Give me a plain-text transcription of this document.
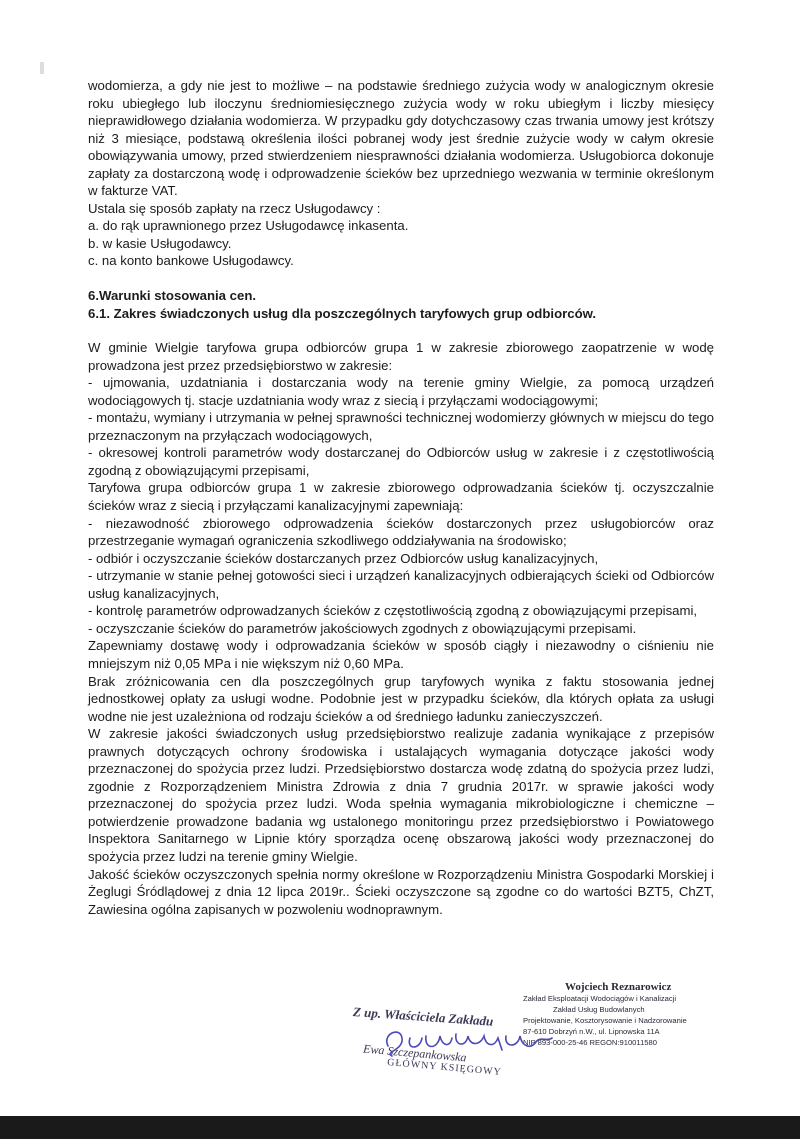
wodomierza, a gdy nie jest to możliwe – na podstawie średniego zużycia wody w analogicznym okresie roku ubiegłego lub iloczynu średniomiesięcznego zużycia wody w roku ubiegłym i liczby miesięcy nieprawidłowego działania wodomierza. W przypadku gdy dotychczasowy czas trwania umowy jest krótszy niż 3 miesiące, podstawą określenia ilości pobranej wody jest średnie zużycie wody w całym okresie obowiązywania umowy, przed stwierdzeniem niesprawności działania wodomierza. Usługobiorca dokonuje zapłaty za dostarczoną wodę i odprowadzenie ścieków bez uprzedniego wezwania w terminie określonym w fakturze VAT.

Ustala się sposób zapłaty na rzecz Usługodawcy :

a. do rąk uprawnionego przez Usługodawcę inkasenta.

b. w kasie Usługodawcy.

c. na konto bankowe Usługodawcy.

6.Warunki stosowania cen.

6.1. Zakres świadczonych usług dla poszczególnych taryfowych grup odbiorców.

W gminie Wielgie taryfowa grupa odbiorców grupa 1 w zakresie zbiorowego zaopatrzenie w wodę prowadzona jest przez przedsiębiorstwo w zakresie:

- ujmowania, uzdatniania i dostarczania wody na terenie gminy Wielgie, za pomocą urządzeń wodociągowych tj. stacje uzdatniania wody wraz z siecią i przyłączami wodociągowymi;

- montażu, wymiany i utrzymania w pełnej sprawności technicznej wodomierzy głównych w miejscu do tego przeznaczonym na przyłączach wodociągowych,

- okresowej kontroli parametrów wody dostarczanej do Odbiorców usług w zakresie i z częstotliwością zgodną z obowiązującymi przepisami,

Taryfowa grupa odbiorców grupa 1 w zakresie zbiorowego odprowadzania ścieków tj. oczyszczalnie ścieków wraz z siecią i przyłączami kanalizacyjnymi zapewniają:

- niezawodność zbiorowego odprowadzenia ścieków dostarczonych przez usługobiorców oraz przestrzeganie wymagań ograniczenia szkodliwego oddziaływania na środowisko;

- odbiór i oczyszczanie ścieków dostarczanych przez Odbiorców usług kanalizacyjnych,

- utrzymanie w stanie pełnej gotowości sieci i urządzeń kanalizacyjnych odbierających ścieki od Odbiorców usług kanalizacyjnych,

- kontrolę parametrów odprowadzanych ścieków z częstotliwością zgodną z obowiązującymi przepisami,

- oczyszczanie ścieków do parametrów jakościowych zgodnych z obowiązującymi przepisami.

Zapewniamy dostawę wody i odprowadzania ścieków w sposób ciągły i niezawodny o ciśnieniu nie mniejszym niż 0,05 MPa i nie większym niż 0,60 MPa.

Brak zróżnicowania cen dla poszczególnych grup taryfowych wynika z faktu stosowania jednej jednostkowej opłaty za usługi wodne. Podobnie jest w przypadku ścieków, dla których opłata za usługi wodne nie jest uzależniona od rodzaju ścieków a od średniego ładunku zanieczyszczeń.

W zakresie jakości świadczonych usług przedsiębiorstwo realizuje zadania wynikające z przepisów prawnych dotyczących ochrony środowiska i ustalających wymagania dotyczące jakości wody przeznaczonej do spożycia przez ludzi. Przedsiębiorstwo dostarcza wodę zdatną do spożycia przez ludzi, zgodnie z Rozporządzeniem Ministra Zdrowia z dnia 7 grudnia 2017r. w sprawie jakości wody przeznaczonej do spożycia przez ludzi. Woda spełnia wymagania mikrobiologiczne i chemiczne – potwierdzenie prowadzone badania wg ustalonego monitoringu przez przedsiębiorstwo i Powiatowego Inspektora Sanitarnego w Lipnie który sporządza ocenę obszarową jakości wody przeznaczonej do spożycia przez ludzi na terenie gminy Wielgie.

Jakość ścieków oczyszczonych spełnia normy określone w Rozporządzeniu Ministra Gospodarki Morskiej i Żeglugi Śródlądowej z dnia 12 lipca 2019r.. Ścieki oczyszczone są zgodne co do wartości BZT5, ChZT, Zawiesina ogólna zapisanych w pozwoleniu wodnoprawnym.

Wojciech Reznarowicz
Zakład Eksploatacji Wodociągów i Kanalizacji
Zakład Usług Budowlanych
Projektowanie, Kosztorysowanie i Nadzorowanie
87-610 Dobrzyń n.W., ul. Lipnowska 11A
NIP 893-000-25-46 REGON:910011580
Z up. Właściciela Zakładu
Ewa Szczepankowska
GŁÓWNY KSIĘGOWY
